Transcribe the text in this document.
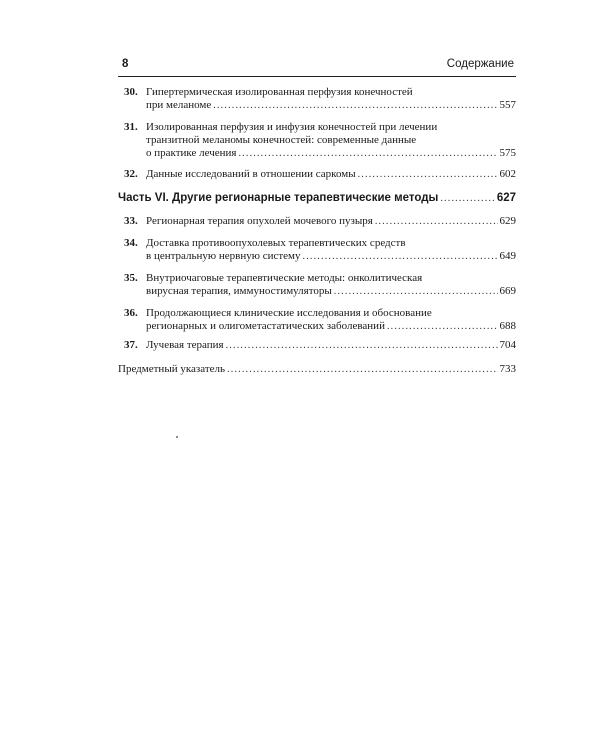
8	Содержание
30. Гипертермическая изолированная перфузия конечностей
при меланоме .....	557
31. Изолированная перфузия и инфузия конечностей при лечении
транзитной меланомы конечностей: современные данные
о практике лечения .....	575
32. Данные исследований в отношении саркомы .....	602
Часть VI. Другие регионарные терапевтические методы .....	627
33. Регионарная терапия опухолей мочевого пузыря .....	629
34. Доставка противоопухолевых терапевтических средств
в центральную нервную систему .....	649
35. Внутриочаговые терапевтические методы: онколитическая
вирусная терапия, иммуностимуляторы .....	669
36. Продолжающиеся клинические исследования и обоснование
регионарных и олигометастатических заболеваний .....	688
37. Лучевая терапия .....	704
Предметный указатель .....	733
